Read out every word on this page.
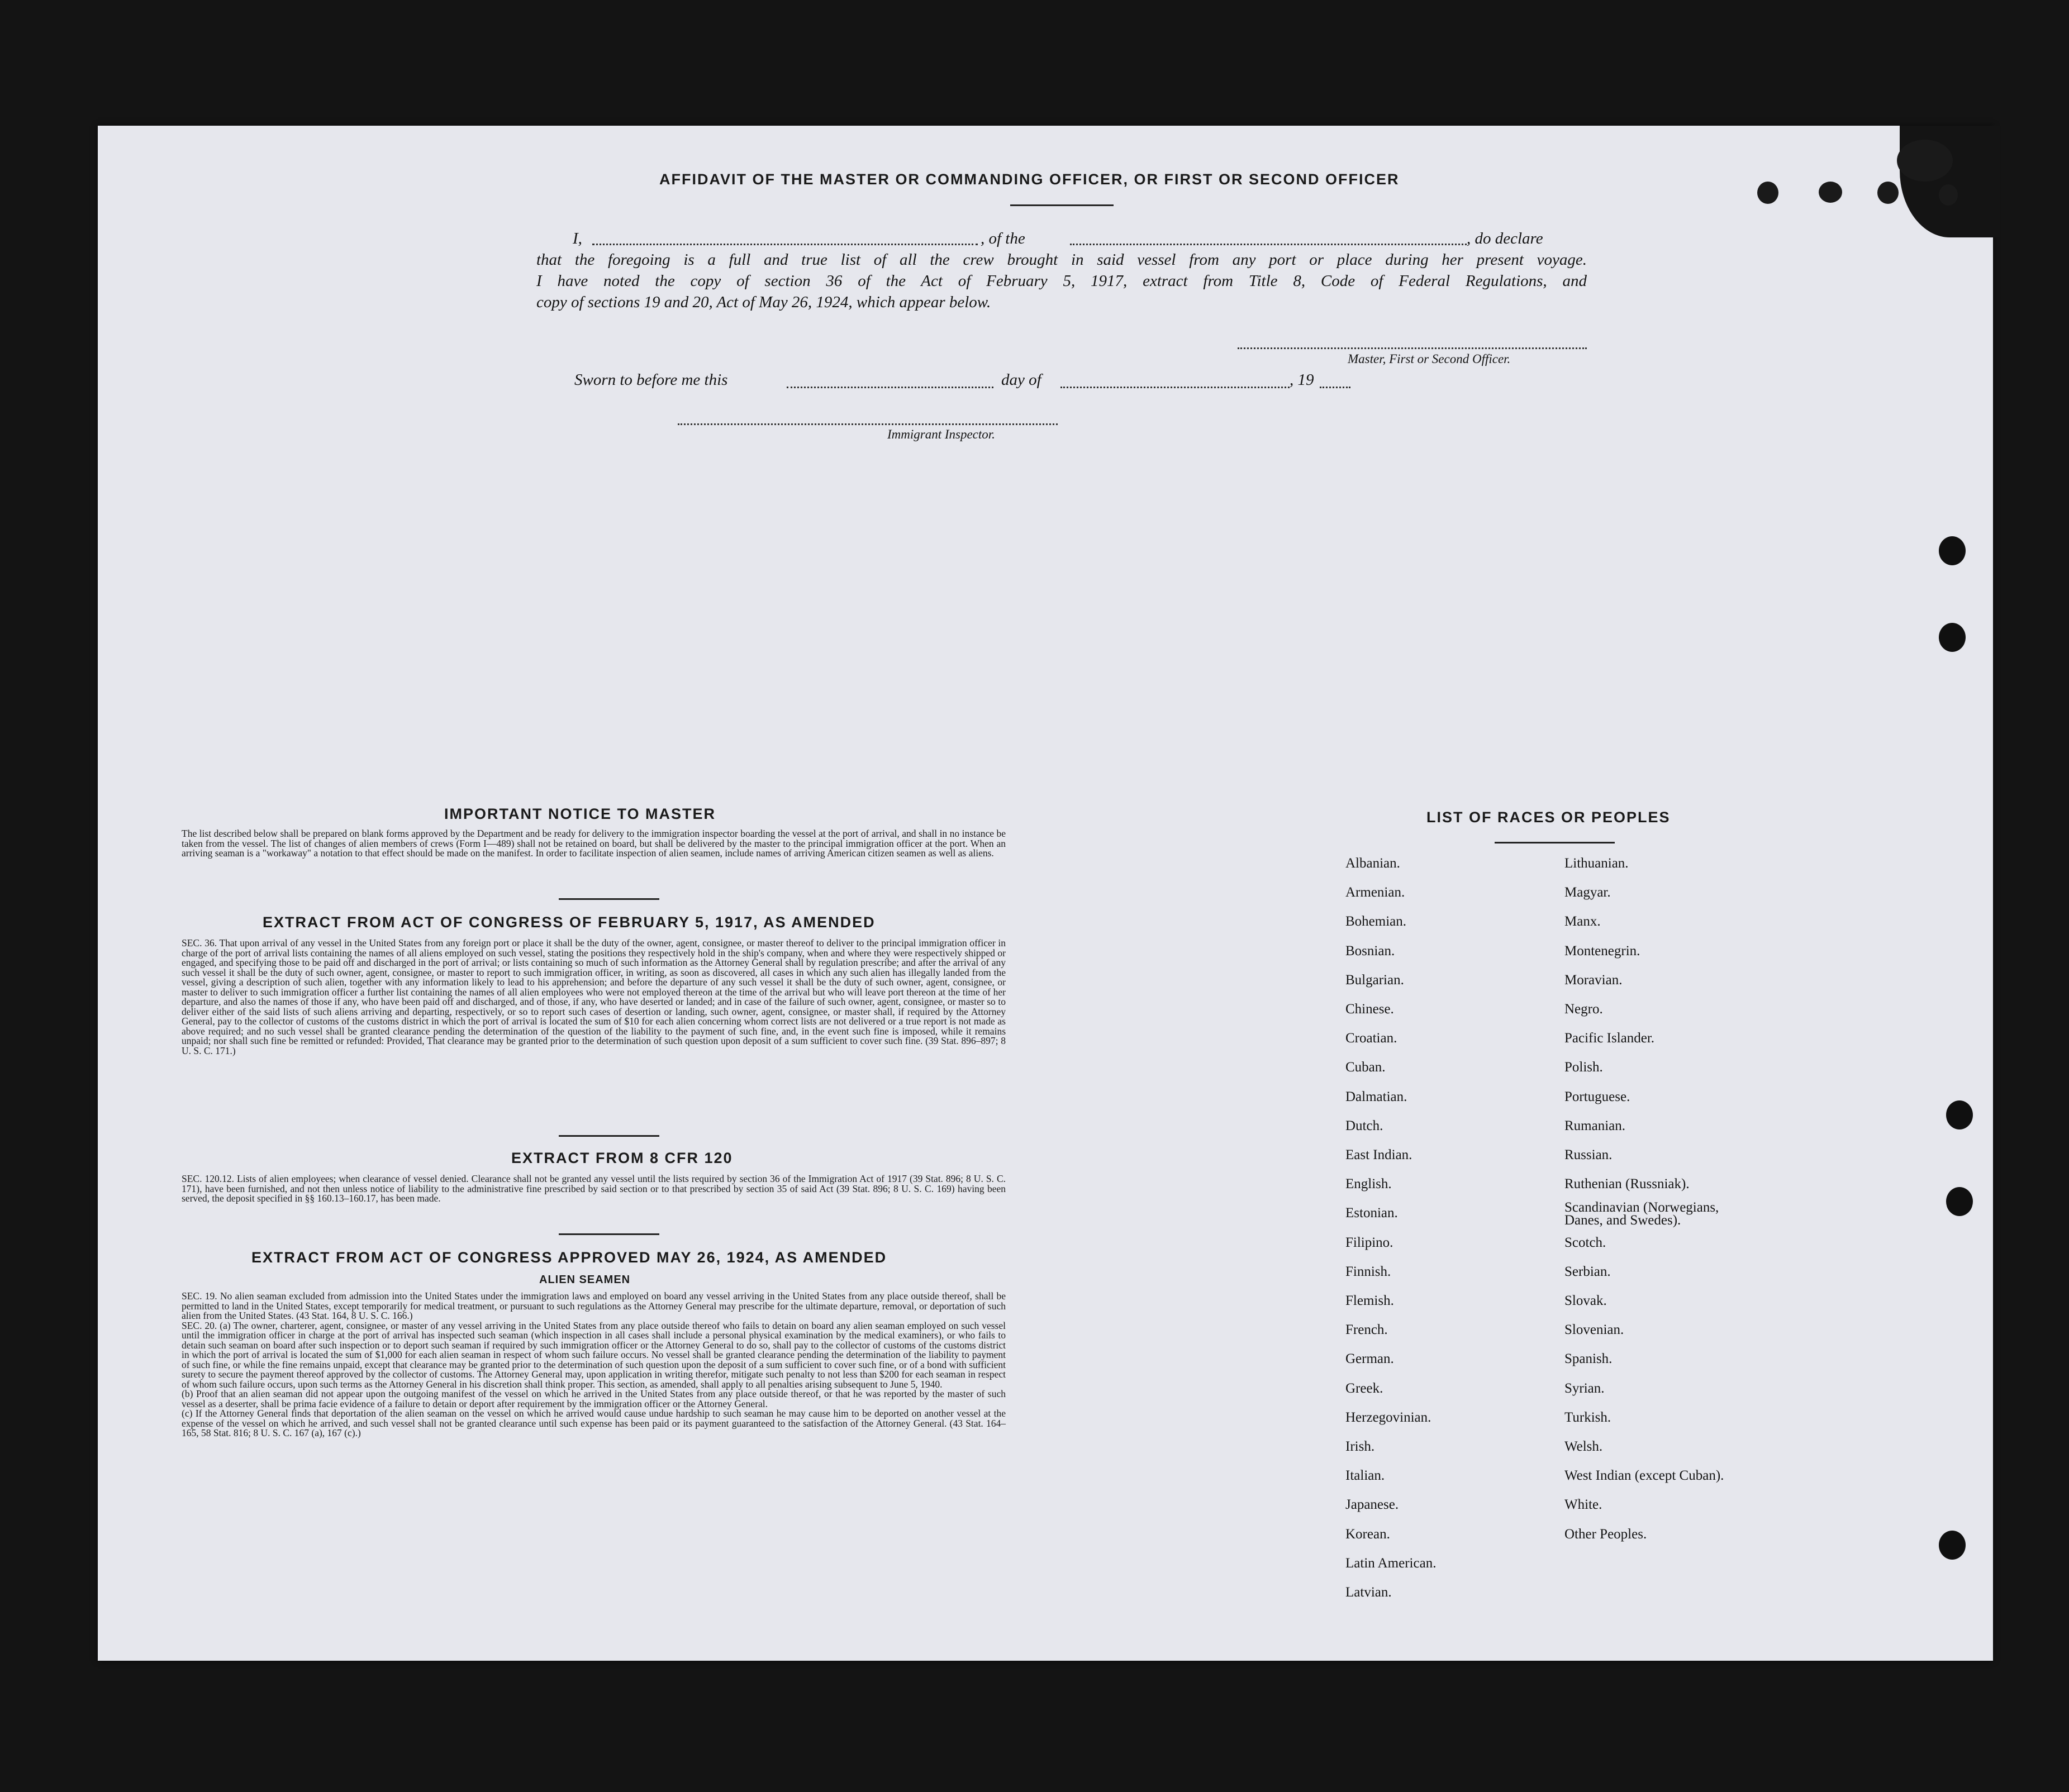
AFFIDAVIT OF THE MASTER OR COMMANDING OFFICER, OR FIRST OR SECOND OFFICER
I,	, of the	, do declare

that the foregoing is a full and true list of all the crew brought in said vessel from any port or place during her present voyage.

I have noted the copy of section 36 of the Act of February 5, 1917, extract from Title 8, Code of Federal Regulations, and

copy of sections 19 and 20, Act of May 26, 1924, which appear below.

Master, First or Second Officer.
Sworn to before me this	day of	, 19
Immigrant Inspector.
IMPORTANT NOTICE TO MASTER

The list described below shall be prepared on blank forms approved by the Department and be ready for delivery to the immigration inspector boarding the vessel at the port of arrival, and shall in no instance be taken from the vessel. The list of changes of alien members of crews (Form I—489) shall not be retained on board, but shall be delivered by the master to the principal immigration officer at the port. When an arriving seaman is a "workaway" a notation to that effect should be made on the manifest. In order to facilitate inspection of alien seamen, include names of arriving American citizen seamen as well as aliens.

EXTRACT FROM ACT OF CONGRESS OF FEBRUARY 5, 1917, AS AMENDED

SEC. 36. That upon arrival of any vessel in the United States from any foreign port or place it shall be the duty of the owner, agent, consignee, or master thereof to deliver to the principal immigration officer in charge of the port of arrival lists containing the names of all aliens employed on such vessel, stating the positions they respectively hold in the ship's company, when and where they were respectively shipped or engaged, and specifying those to be paid off and discharged in the port of arrival; or lists containing so much of such information as the Attorney General shall by regulation prescribe; and after the arrival of any such vessel it shall be the duty of such owner, agent, consignee, or master to report to such immigration officer, in writing, as soon as discovered, all cases in which any such alien has illegally landed from the vessel, giving a description of such alien, together with any information likely to lead to his apprehension; and before the departure of any such vessel it shall be the duty of such owner, agent, consignee, or master to deliver to such immigration officer a further list containing the names of all alien employees who were not employed thereon at the time of the arrival but who will leave port thereon at the time of her departure, and also the names of those if any, who have been paid off and discharged, and of those, if any, who have deserted or landed; and in case of the failure of such owner, agent, consignee, or master so to deliver either of the said lists of such aliens arriving and departing, respectively, or so to report such cases of desertion or landing, such owner, agent, consignee, or master shall, if required by the Attorney General, pay to the collector of customs of the customs district in which the port of arrival is located the sum of $10 for each alien concerning whom correct lists are not delivered or a true report is not made as above required; and no such vessel shall be granted clearance pending the determination of the question of the liability to the payment of such fine, and, in the event such fine is imposed, while it remains unpaid; nor shall such fine be remitted or refunded: Provided, That clearance may be granted prior to the determination of such question upon deposit of a sum sufficient to cover such fine. (39 Stat. 896–897; 8 U. S. C. 171.)

EXTRACT FROM 8 CFR 120

SEC. 120.12. Lists of alien employees; when clearance of vessel denied. Clearance shall not be granted any vessel until the lists required by section 36 of the Immigration Act of 1917 (39 Stat. 896; 8 U. S. C. 171), have been furnished, and not then unless notice of liability to the administrative fine prescribed by said section or to that prescribed by section 35 of said Act (39 Stat. 896; 8 U. S. C. 169) having been served, the deposit specified in §§ 160.13–160.17, has been made.

EXTRACT FROM ACT OF CONGRESS APPROVED MAY 26, 1924, AS AMENDED
ALIEN SEAMEN

SEC. 19. No alien seaman excluded from admission into the United States under the immigration laws and employed on board any vessel arriving in the United States from any place outside thereof, shall be permitted to land in the United States, except temporarily for medical treatment, or pursuant to such regulations as the Attorney General may prescribe for the ultimate departure, removal, or deportation of such alien from the United States. (43 Stat. 164, 8 U. S. C. 166.)

SEC. 20. (a) The owner, charterer, agent, consignee, or master of any vessel arriving in the United States from any place outside thereof who fails to detain on board any alien seaman employed on such vessel until the immigration officer in charge at the port of arrival has inspected such seaman (which inspection in all cases shall include a personal physical examination by the medical examiners), or who fails to detain such seaman on board after such inspection or to deport such seaman if required by such immigration officer or the Attorney General to do so, shall pay to the collector of customs of the customs district in which the port of arrival is located the sum of $1,000 for each alien seaman in respect of whom such failure occurs. No vessel shall be granted clearance pending the determination of the liability to payment of such fine, or while the fine remains unpaid, except that clearance may be granted prior to the determination of such question upon the deposit of a sum sufficient to cover such fine, or of a bond with sufficient surety to secure the payment thereof approved by the collector of customs. The Attorney General may, upon application in writing therefor, mitigate such penalty to not less than $200 for each seaman in respect of whom such failure occurs, upon such terms as the Attorney General in his discretion shall think proper. This section, as amended, shall apply to all penalties arising subsequent to June 5, 1940.

(b) Proof that an alien seaman did not appear upon the outgoing manifest of the vessel on which he arrived in the United States from any place outside thereof, or that he was reported by the master of such vessel as a deserter, shall be prima facie evidence of a failure to detain or deport after requirement by the immigration officer or the Attorney General.

(c) If the Attorney General finds that deportation of the alien seaman on the vessel on which he arrived would cause undue hardship to such seaman he may cause him to be deported on another vessel at the expense of the vessel on which he arrived, and such vessel shall not be granted clearance until such expense has been paid or its payment guaranteed to the satisfaction of the Attorney General. (43 Stat. 164–165, 58 Stat. 816; 8 U. S. C. 167 (a), 167 (c).)

LIST OF RACES OR PEOPLES
Albanian.
Armenian.
Bohemian.
Bosnian.
Bulgarian.
Chinese.
Croatian.
Cuban.
Dalmatian.
Dutch.
East Indian.
English.
Estonian.
Filipino.
Finnish.
Flemish.
French.
German.
Greek.
Herzegovinian.
Irish.
Italian.
Japanese.
Korean.
Latin American.
Latvian.
Lithuanian.
Magyar.
Manx.
Montenegrin.
Moravian.
Negro.
Pacific Islander.
Polish.
Portuguese.
Rumanian.
Russian.
Ruthenian (Russniak).
Scandinavian (Norwegians, Danes, and Swedes).
Scotch.
Serbian.
Slovak.
Slovenian.
Spanish.
Syrian.
Turkish.
Welsh.
West Indian (except Cuban).
White.
Other Peoples.
